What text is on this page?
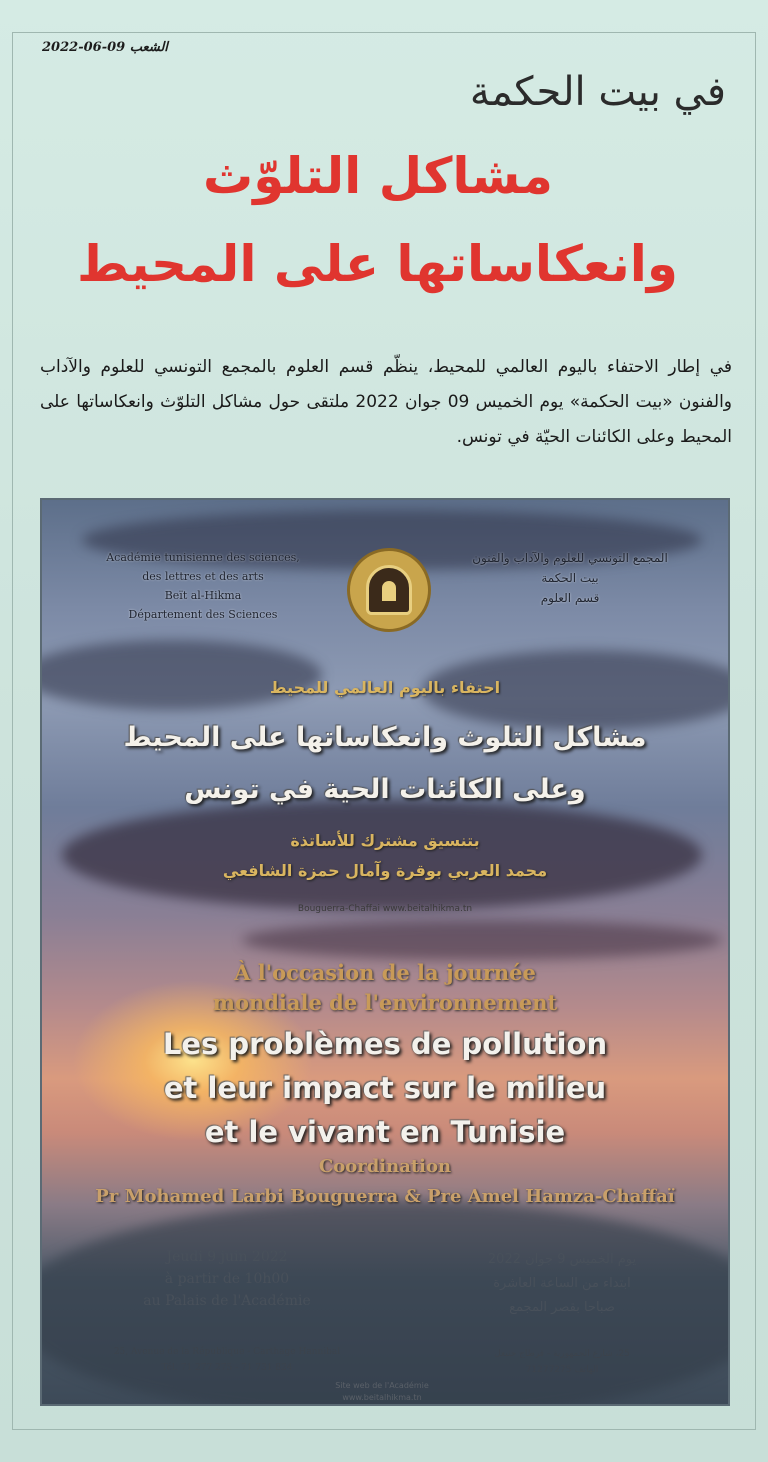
الشعب 09-06-2022
في بيت الحكمة
مشاكل التلوّث
وانعكاساتها على المحيط
في إطار الاحتفاء باليوم العالمي للمحيط، ينظّم قسم العلوم بالمجمع التونسي للعلوم والآداب والفنون «بيت الحكمة» يوم الخميس 09 جوان 2022 ملتقى حول مشاكل التلوّث وانعكاساتها على المحيط وعلى الكائنات الحيّة في تونس.
Académie tunisienne des sciences,
des lettres et des arts
Beït al-Hikma
Département des Sciences
المجمع التونسي للعلوم والآداب والفنون
بيت الحكمة
قسم العلوم
احتفاء باليوم العالمي للمحيط
مشاكل التلوث وانعكاساتها على المحيط
وعلى الكائنات الحية في تونس
بتنسيق مشترك للأساتذة
محمد العربي بوقرة وآمال حمزة الشافعي
Bouguerra-Chaffai www.beitalhikma.tn
À l'occasion de la journée
mondiale de l'environnement
Les problèmes de pollution
et leur impact sur le milieu
et le vivant en Tunisie
Coordination
Pr Mohamed Larbi Bouguerra & Pre Amel Hamza-Chaffaï
Jeudi 9 juin 2022
à partir de 10h00
au Palais de l'Académie
يوم الخميس 9 جوان 2022
ابتداء من الساعة العاشرة
صباحا بقصر المجمع
25, Avenue de la République - Carthage Hannibal
Tél. 71 277 275 - 71 731 824
25، شارع الجمهورية - قرطاج حنبعل
الهاتف 71277275
Site web de l'Académie
www.beitalhikma.tn
